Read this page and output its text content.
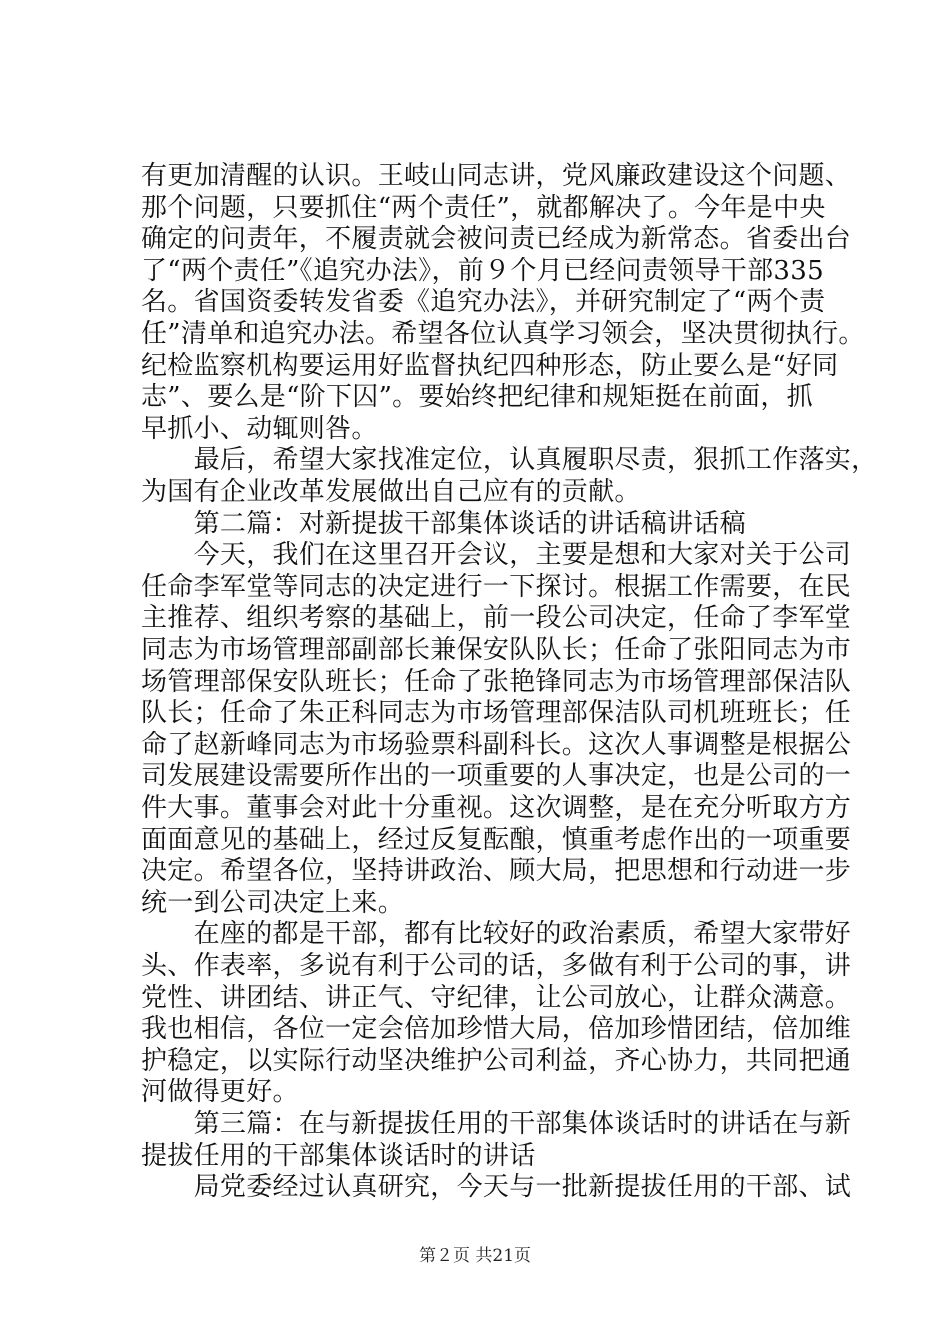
有更加清醒的认识。王岐山同志讲，党风廉政建设这个问题、
那个问题，只要抓住“两个责任”，就都解决了。今年是中央
确定的问责年，不履责就会被问责已经成为新常态。省委出台
了“两个责任”《追究办法》，前９个月已经问责领导干部335
名。省国资委转发省委《追究办法》，并研究制定了“两个责
任”清单和追究办法。希望各位认真学习领会，坚决贯彻执行。
纪检监察机构要运用好监督执纪四种形态，防止要么是“好同
志”、要么是“阶下囚”。要始终把纪律和规矩挺在前面，抓
早抓小、动辄则咎。
　　最后，希望大家找准定位，认真履职尽责，狠抓工作落实，
为国有企业改革发展做出自己应有的贡献。
　　第二篇：对新提拔干部集体谈话的讲话稿讲话稿
　　今天，我们在这里召开会议，主要是想和大家对关于公司
任命李军堂等同志的决定进行一下探讨。根据工作需要，在民
主推荐、组织考察的基础上，前一段公司决定，任命了李军堂
同志为市场管理部副部长兼保安队队长；任命了张阳同志为市
场管理部保安队班长；任命了张艳锋同志为市场管理部保洁队
队长；任命了朱正科同志为市场管理部保洁队司机班班长；任
命了赵新峰同志为市场验票科副科长。这次人事调整是根据公
司发展建设需要所作出的一项重要的人事决定，也是公司的一
件大事。董事会对此十分重视。这次调整，是在充分听取方方
面面意见的基础上，经过反复酝酿，慎重考虑作出的一项重要
决定。希望各位，坚持讲政治、顾大局，把思想和行动进一步
统一到公司决定上来。
　　在座的都是干部，都有比较好的政治素质，希望大家带好
头、作表率，多说有利于公司的话，多做有利于公司的事，讲
党性、讲团结、讲正气、守纪律，让公司放心，让群众满意。
我也相信，各位一定会倍加珍惜大局，倍加珍惜团结，倍加维
护稳定，以实际行动坚决维护公司利益，齐心协力，共同把通
河做得更好。
　　第三篇：在与新提拔任用的干部集体谈话时的讲话在与新
提拔任用的干部集体谈话时的讲话
　　局党委经过认真研究，今天与一批新提拔任用的干部、试
第２页 共21页
